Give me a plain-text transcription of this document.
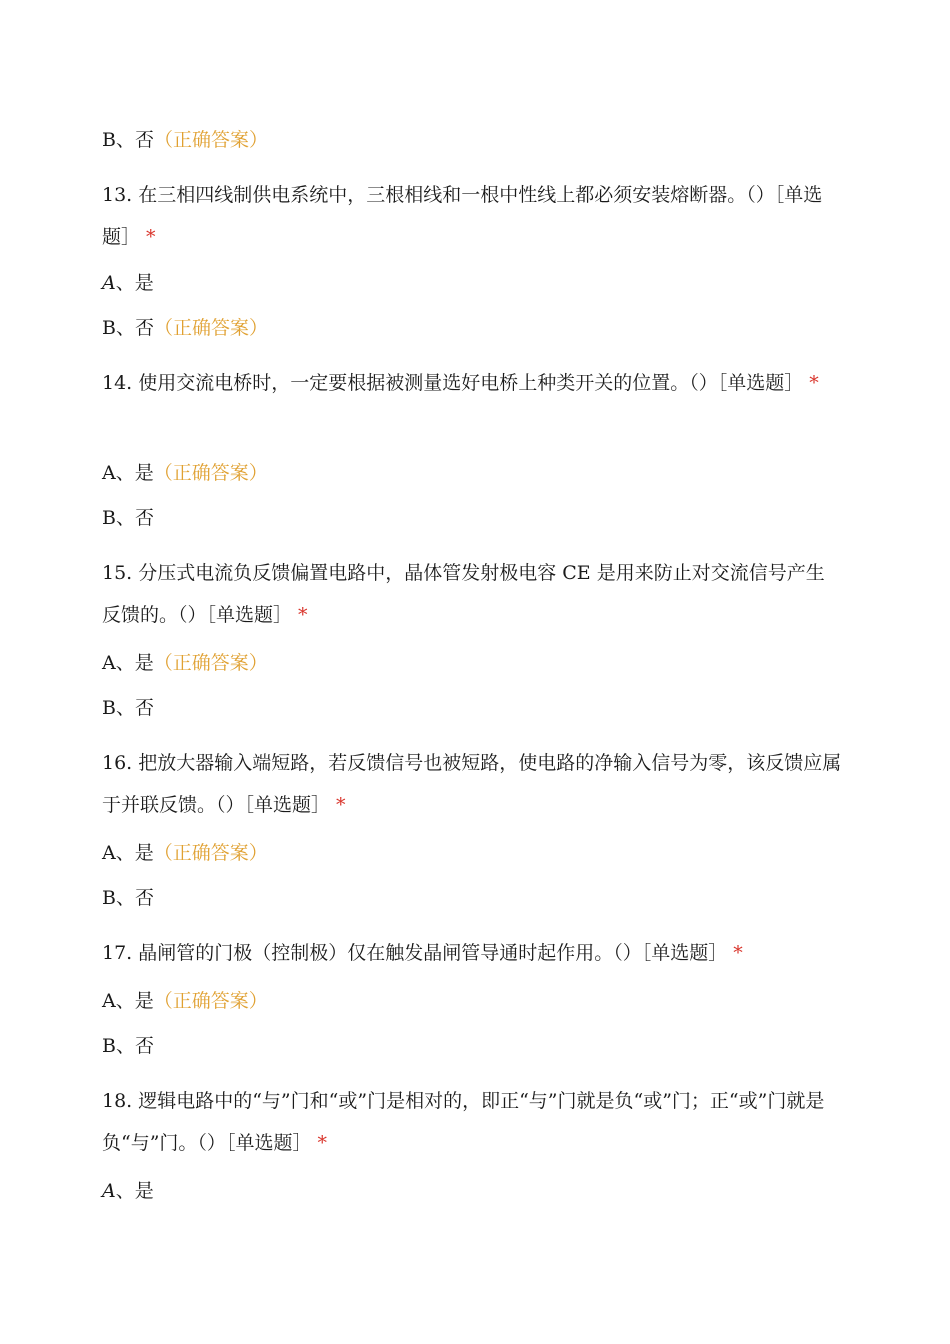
B、否（正确答案）
13. 在三相四线制供电系统中，三根相线和一根中性线上都必须安装熔断器。（）［单选题］ *
A、是
B、否（正确答案）
14. 使用交流电桥时，一定要根据被测量选好电桥上种类开关的位置。（）［单选题］ *
A、是（正确答案）
B、否
15. 分压式电流负反馈偏置电路中，晶体管发射极电容 CE 是用来防止对交流信号产生反馈的。（）［单选题］ *
A、是（正确答案）
B、否
16. 把放大器输入端短路，若反馈信号也被短路，使电路的净输入信号为零，该反馈应属于并联反馈。（）［单选题］ *
A、是（正确答案）
B、否
17. 晶闸管的门极（控制极）仅在触发晶闸管导通时起作用。（）［单选题］ *
A、是（正确答案）
B、否
18. 逻辑电路中的“与”门和“或”门是相对的，即正“与”门就是负“或”门；正“或”门就是负“与”门。（）［单选题］ *
A、是
